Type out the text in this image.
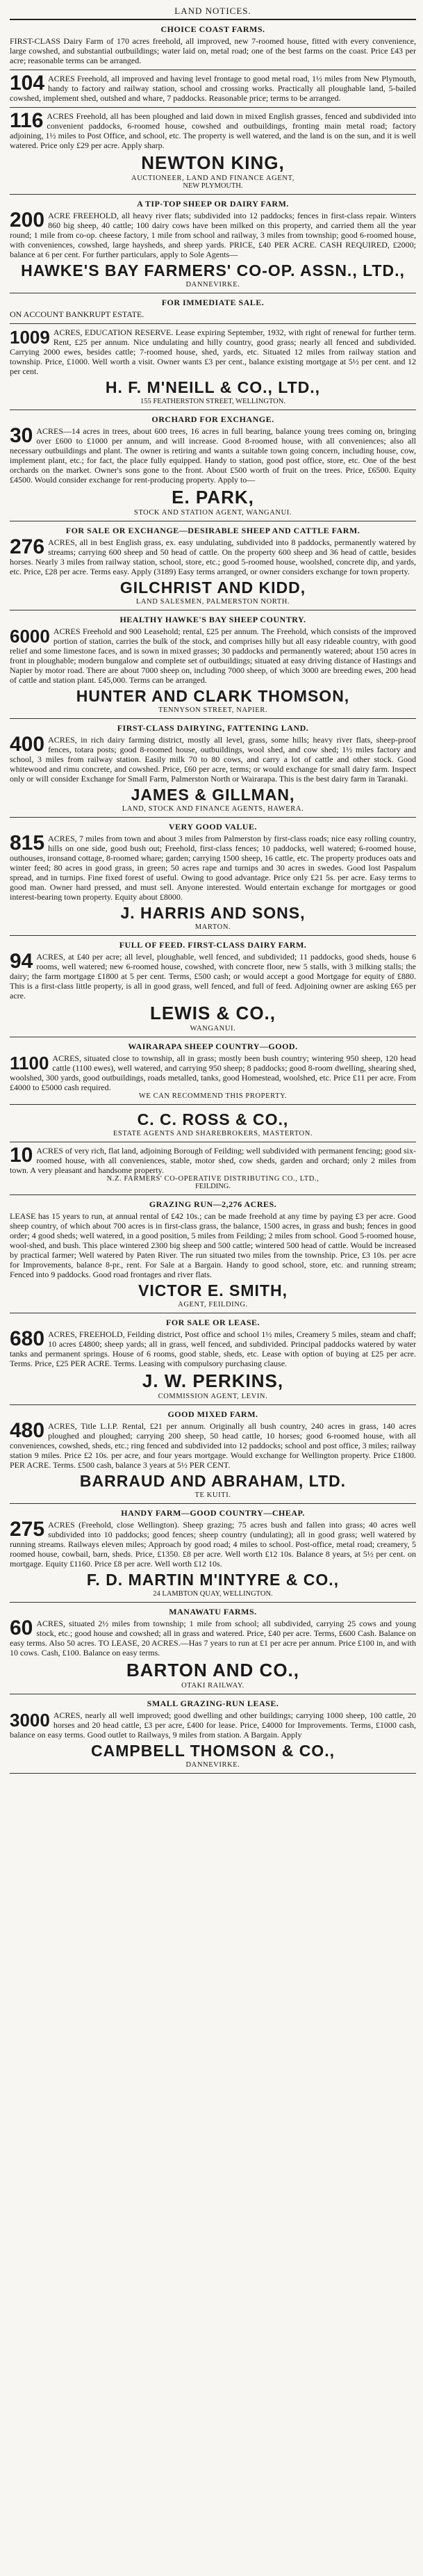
LAND NOTICES.
CHOICE COAST FARMS.
FIRST-CLASS Dairy Farm of 170 acres freehold, all improved, new 7-roomed house, fitted with every convenience, large cowshed, and substantial outbuildings; water laid on, metal road; one of the best farms on the coast. Price £43 per acre; reasonable terms can be arranged.
104 ACRES Freehold, all improved and having level frontage to good metal road, 1½ miles from New Plymouth, handy to factory and railway station, school and crossing works. Practically all ploughable land, 5-bailed cowshed, implement shed, outshed and whare, 7 paddocks. Reasonable price; terms to be arranged.
116 ACRES Freehold, all has been ploughed and laid down in mixed English grasses, fenced and subdivided into convenient paddocks, 6-roomed house, cowshed and outbuildings, fronting main metal road; factory adjoining, 1½ miles to Post Office, and school, etc. The property is well watered, and the land is on the sun, and it is well watered. Price only £29 per acre. Apply sharp.
NEWTON KING,
AUCTIONEER, LAND AND FINANCE AGENT,
NEW PLYMOUTH.
A TIP-TOP SHEEP OR DAIRY FARM.
200 ACRE FREEHOLD, all heavy river flats; subdivided into 12 paddocks; fences in first-class repair. Winters 860 big sheep, 40 cattle; 100 dairy cows have been milked on this property, and carried them all the year round; 1 mile from co-op. cheese factory, 1 mile from school and railway, 3 miles from township; good 6-roomed house, with conveniences, cowshed, large haysheds, and sheep yards. PRICE, £40 PER ACRE. CASH REQUIRED, £2000; balance at 6 per cent. For further particulars, apply to Sole Agents—
HAWKE'S BAY FARMERS' CO-OP. ASSN., LTD.,
DANNEVIRKE.
FOR IMMEDIATE SALE.
ON ACCOUNT BANKRUPT ESTATE.
1009 ACRES, EDUCATION RESERVE. Lease expiring September, 1932, with right of renewal for further term. Rent, £25 per annum. Nice undulating and hilly country, good grass; nearly all fenced and subdivided. Carrying 2000 ewes, besides cattle; 7-roomed house, shed, yards, etc. Situated 12 miles from railway station and township. Price, £1000. Well worth a visit. Owner wants £3 per cent., balance existing mortgage at 5½ per cent. and 12 per cent.
H. F. M'NEILL & CO., LTD.,
155 FEATHERSTON STREET, WELLINGTON.
ORCHARD FOR EXCHANGE.
30 ACRES—14 acres in trees, about 600 trees, 16 acres in full bearing, balance young trees coming on, bringing over £600 to £1000 per annum, and will increase. Good 8-roomed house, with all conveniences; also all necessary outbuildings and plant. The owner is retiring and wants a suitable town going concern, including house, cow, implement plant, etc.; for fact, the place fully equipped. Handy to station, good post office, store, etc. One of the best orchards on the market. Owner's sons gone to the front. About £500 worth of fruit on the trees. Price, £6500. Equity £4500. Would consider exchange for rent-producing property. Apply to—
E. PARK,
STOCK AND STATION AGENT, WANGANUI.
FOR SALE OR EXCHANGE—DESIRABLE SHEEP AND CATTLE FARM.
276 ACRES, all in best English grass, ex. easy undulating, subdivided into 8 paddocks, permanently watered by streams; carrying 600 sheep and 50 head of cattle. On the property 600 sheep and 36 head of cattle, besides horses. Nearly 3 miles from railway station, school, store, etc.; good 5-roomed house, woolshed, concrete dip, and yards, etc. Price, £28 per acre. Terms easy. Apply (3189) Easy terms arranged, or owner considers exchange for town property.
GILCHRIST AND KIDD,
LAND SALESMEN, PALMERSTON NORTH.
HEALTHY HAWKE'S BAY SHEEP COUNTRY.
6000 ACRES Freehold and 900 Leasehold; rental, £25 per annum. The Freehold, which consists of the improved portion of station, carries the bulk of the stock, and comprises hilly but all easy rideable country, with good relief and some limestone faces, and is sown in mixed grasses; 30 paddocks and permanently watered; about 150 acres in front in ploughable; modern bungalow and complete set of outbuildings; situated at easy driving distance of Hastings and Napier by motor road. There are about 7000 sheep on, including 7000 sheep, of which 3000 are breeding ewes, 200 head of cattle and station plant. £45,000. Terms can be arranged.
HUNTER AND CLARK THOMSON,
TENNYSON STREET, NAPIER.
FIRST-CLASS DAIRYING, FATTENING LAND.
400 ACRES, in rich dairy farming district, mostly all level, grass, some hills; heavy river flats, sheep-proof fences, totara posts; good 8-roomed house, outbuildings, wool shed, and cow shed; 1½ miles factory and school, 3 miles from railway station. Easily milk 70 to 80 cows, and carry a lot of cattle and other stock. Good whitewood and rimu concrete, and cowshed. Price, £60 per acre, terms; or would exchange for small dairy farm. Inspect only or will consider Exchange for Small Farm, Palmerston North or Wairarapa. This is the best dairy farm in Taranaki.
JAMES & GILLMAN,
LAND, STOCK AND FINANCE AGENTS, HAWERA.
VERY GOOD VALUE.
815 ACRES, 7 miles from town and about 3 miles from Palmerston by first-class roads; nice easy rolling country, hills on one side, good bush out; Freehold, first-class fences; 10 paddocks, well watered; 6-roomed house, outhouses, ironsand cottage, 8-roomed whare; garden; carrying 1500 sheep, 16 cattle, etc. The property produces oats and winter feed; 80 acres in good grass, in green; 50 acres rape and turnips and 30 acres in swedes. Good lost Paspalum spread, and in turnips. Fine fixed forest of useful. Owing to good advantage. Price only £21 5s. per acre. Easy terms to good man. Owner hard pressed, and must sell. Anyone interested. Would entertain exchange for mortgages or good interest-bearing town property. Equity about £8000.
J. HARRIS AND SONS,
MARTON.
FULL OF FEED. FIRST-CLASS DAIRY FARM.
94 ACRES, at £40 per acre; all level, ploughable, well fenced, and subdivided; 11 paddocks, good sheds, house 6 rooms, well watered; new 6-roomed house, cowshed, with concrete floor, new 5 stalls, with 3 milking stalls; the dairy; the farm mortgage £1800 at 5 per cent. Terms, £500 cash; or would accept a good Mortgage for equity of £880. This is a first-class little property, is all in good grass, well fenced, and full of feed. Adjoining owner are asking £65 per acre.
LEWIS & CO.,
WANGANUI.
WAIRARAPA SHEEP COUNTRY—GOOD.
1100 ACRES, situated close to township, all in grass; mostly been bush country; wintering 950 sheep, 120 head cattle (1100 ewes), well watered, and carrying 950 sheep; 8 paddocks; good 8-room dwelling, shearing shed, woolshed, 300 yards, good outbuildings, roads metalled, tanks, good Homestead, woolshed, etc. Price £11 per acre. From £4000 to £5000 cash required.
WE CAN RECOMMEND THIS PROPERTY.
C. C. ROSS & CO.,
ESTATE AGENTS AND SHAREBROKERS, MASTERTON.
10 ACRES of very rich, flat land, adjoining Borough of Feilding; well subdivided with permanent fencing; good six-roomed house, with all conveniences, stable, motor shed, cow sheds, garden and orchard; only 2 miles from town. A very pleasant and handsome property.
N.Z. FARMERS' CO-OPERATIVE DISTRIBUTING CO., LTD.,
FEILDING.
GRAZING RUN—2,276 ACRES.
LEASE has 15 years to run, at annual rental of £42 10s.; can be made freehold at any time by paying £3 per acre. Good sheep country, of which about 700 acres is in first-class grass, the balance, 1500 acres, in grass and bush; fences in good order; 4 good sheds; well watered, in a good position, 5 miles from Feilding; 2 miles from school. Good 5-roomed house, wool-shed, and bush. This place wintered 2300 big sheep and 500 cattle; wintered 500 head of cattle. Would be increased by practical farmer; Well watered by Paten River. The run situated two miles from the township. Price, £3 10s. per acre for Improvements, balance 8-pr., rent. For Sale at a Bargain. Handy to good school, store, etc. and running stream; Fenced into 9 paddocks. Good road frontages and river flats.
VICTOR E. SMITH,
AGENT, FEILDING.
FOR SALE OR LEASE.
680 ACRES, FREEHOLD, Feilding district, Post office and school 1½ miles, Creamery 5 miles, steam and chaff; 10 acres £4800; sheep yards; all in grass, well fenced, and subdivided. Principal paddocks watered by water tanks and permanent springs. House of 6 rooms, good stable, sheds, etc. Lease with option of buying at £25 per acre. Terms. Price, £25 PER ACRE. Terms. Leasing with compulsory purchasing clause.
J. W. PERKINS,
COMMISSION AGENT, LEVIN.
GOOD MIXED FARM.
480 ACRES, Title L.I.P. Rental, £21 per annum. Originally all bush country, 240 acres in grass, 140 acres ploughed and ploughed; carrying 200 sheep, 50 head cattle, 10 horses; good 6-roomed house, with all conveniences, cowshed, sheds, etc.; ring fenced and subdivided into 12 paddocks; school and post office, 3 miles; railway station 9 miles. Price £2 10s. per acre, and four years mortgage. Would exchange for Wellington property. Price £1800. PER ACRE. Terms. £500 cash, balance 3 years at 5½ PER CENT.
BARRAUD AND ABRAHAM, LTD.
TE KUITI.
HANDY FARM—GOOD COUNTRY—CHEAP.
275 ACRES (Freehold, close Wellington). Sheep grazing; 75 acres bush and fallen into grass; 40 acres well subdivided into 10 paddocks; good fences; sheep country (undulating); all in good grass; well watered by running streams. Railways eleven miles; Approach by good road; 4 miles to school. Post-office, metal road; creamery, 5 roomed house, cowbail, barn, sheds. Price, £1350. £8 per acre. Well worth £12 10s. Balance 8 years, at 5½ per cent. on mortgage. Equity £1160. Price £8 per acre. Well worth £12 10s.
F. D. MARTIN M'INTYRE & CO.,
24 LAMBTON QUAY, WELLINGTON.
MANAWATU FARMS.
60 ACRES, situated 2½ miles from township; 1 mile from school; all subdivided, carrying 25 cows and young stock, etc.; good house and cowshed; all in grass and watered. Price, £40 per acre. Terms, £600 Cash. Balance on easy terms. Also 50 acres. TO LEASE, 20 ACRES.—Has 7 years to run at £1 per acre per annum. Price £100 in, and with 10 cows. Cash, £100. Balance on easy terms.
BARTON AND CO.,
OTAKI RAILWAY.
SMALL GRAZING-RUN LEASE.
3000 ACRES, nearly all well improved; good dwelling and other buildings; carrying 1000 sheep, 100 cattle, 20 horses and 20 head cattle, £3 per acre, £400 for lease. Price, £4000 for Improvements. Terms, £1000 cash, balance on easy terms. Good outlet to Railways, 9 miles from station. A Bargain. Apply
CAMPBELL THOMSON & CO.,
DANNEVIRKE.
